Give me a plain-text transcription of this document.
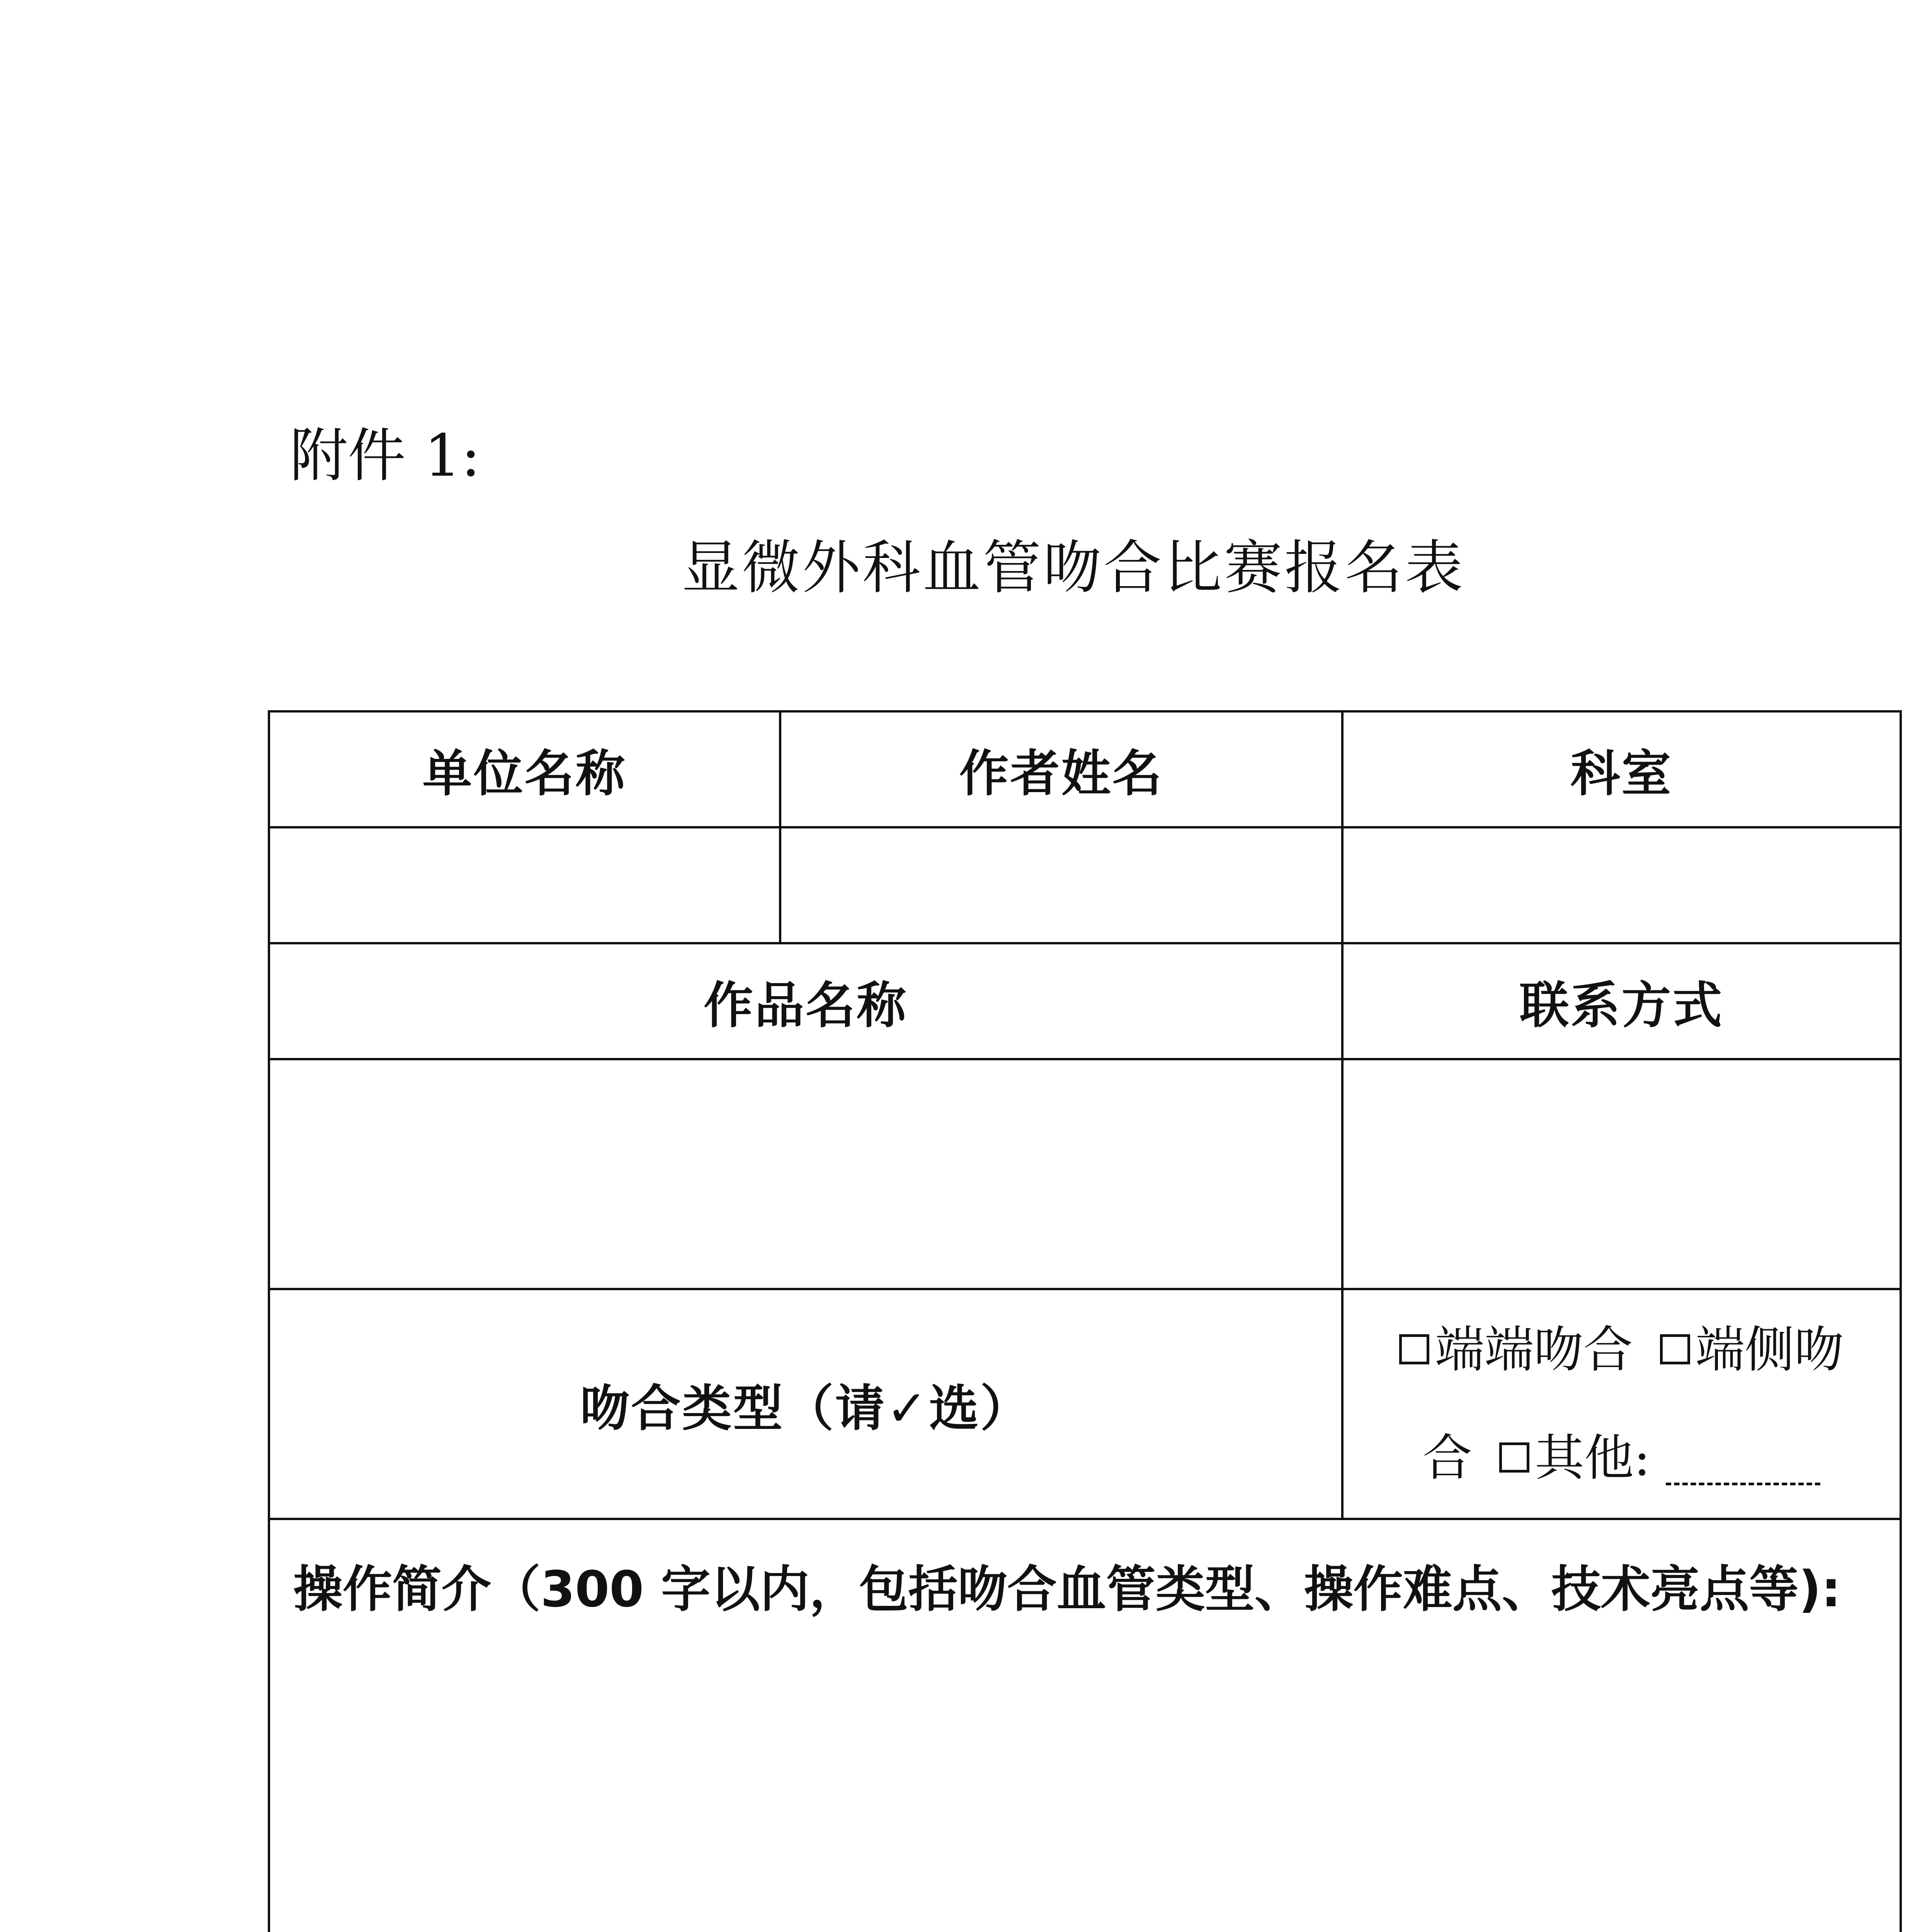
附件 1:
显微外科血管吻合比赛报名表
单位名称	作者姓名	科室

作品名称		联系方式

吻合类型（请✓选）		端端吻合 端侧吻
合 其他:

操作简介（300 字以内，包括吻合血管类型、操作难点、技术亮点等):		
